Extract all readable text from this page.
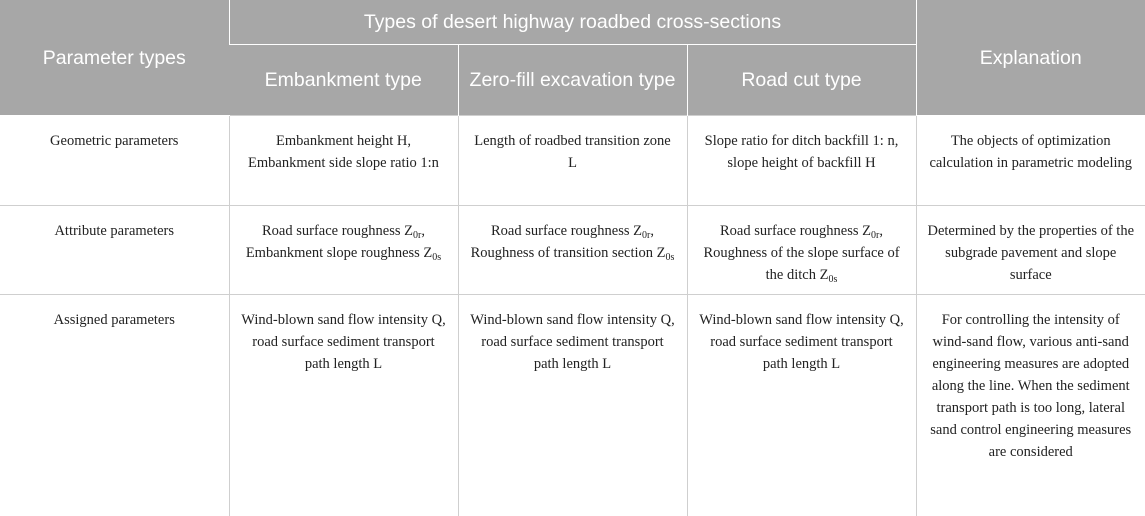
Parameter types	Types of desert highway roadbed cross-sections			Explanation
	Embankment type	Zero-fill excavation type	Road cut type	
Geometric parameters	Embankment height H, Embankment side slope ratio 1:n	Length of roadbed transition zone L	Slope ratio for ditch backfill 1: n, slope height of backfill H	The objects of optimization calculation in parametric modeling
Attribute parameters	Road surface roughness $Z_{0r}$, Embankment slope roughness $Z_{0s}$	Road surface roughness $Z_{0r}$, Roughness of transition section $Z_{0s}$	Road surface roughness $Z_{0r}$, Roughness of the slope surface of the ditch $Z_{0s}$	Determined by the properties of the subgrade pavement and slope surface
Assigned parameters	Wind-blown sand flow intensity Q, road surface sediment transport path length L	Wind-blown sand flow intensity Q, road surface sediment transport path length L	Wind-blown sand flow intensity Q, road surface sediment transport path length L	For controlling the intensity of wind-sand flow, various anti-sand engineering measures are adopted along the line. When the sediment transport path is too long, lateral sand control engineering measures are considered
